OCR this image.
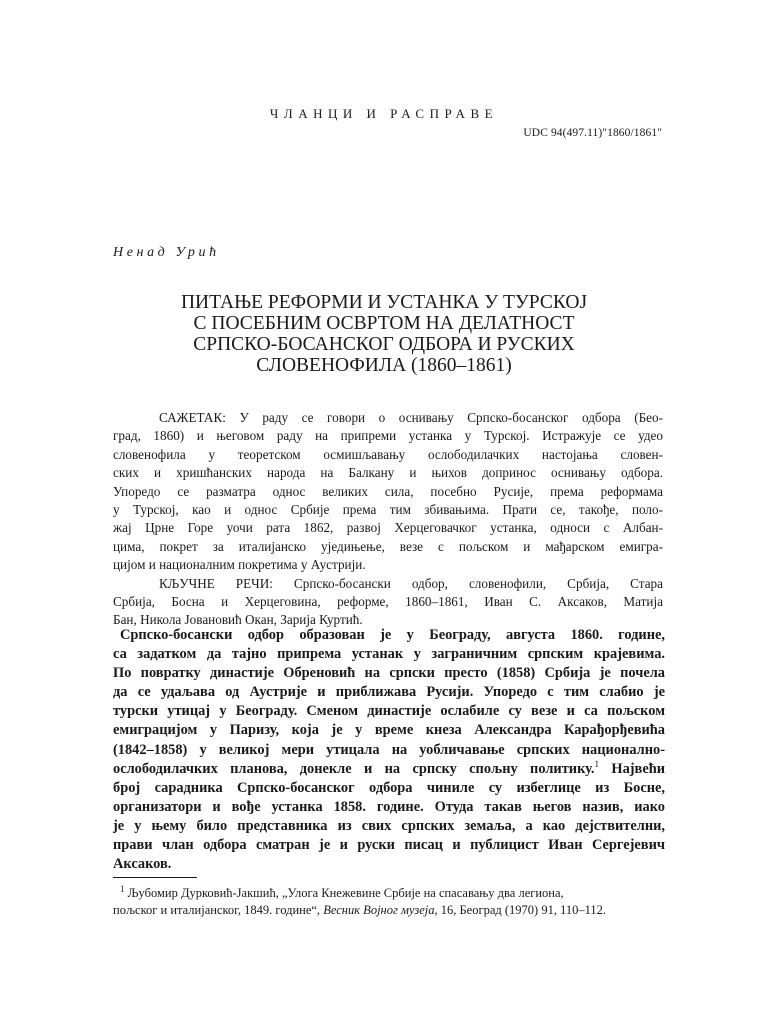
ЧЛАНЦИ И РАСПРАВЕ
UDC 94(497.11)"1860/1861"
Ненад Урић
ПИТАЊЕ РЕФОРМИ И УСТАНКА У ТУРСКОЈ
С ПОСЕБНИМ ОСВРТОМ НА ДЕЛАТНОСТ
СРПСКО-БОСАНСКОГ ОДБОРА И РУСКИХ
СЛОВЕНОФИЛА (1860–1861)
САЖЕТАК: У раду се говори о оснивању Српско-босанског одбора (Бео-
град, 1860) и његовом раду на припреми устанка у Турској. Истражује се удео
словенофила у теоретском осмишљавању ослободилачких настојања словен-
ских и хришћанских народа на Балкану и њихов допринос оснивању одбора.
Упоредо се разматра однос великих сила, посебно Русије, према реформама
у Турској, као и однос Србије према тим збивањима. Прати се, такође, поло-
жај Црне Горе уочи рата 1862, развој Херцеговачког устанка, односи с Албан-
цима, покрет за италијанско уједињење, везе с пољском и мађарском емигра-
цијом и националним покретима у Аустрији.
КЉУЧНЕ РЕЧИ: Српско-босански одбор, словенофили, Србија, Стара
Србија, Босна и Херцеговина, реформе, 1860–1861, Иван С. Аксаков, Матија
Бан, Никола Јовановић Окан, Зарија Куртић.
Српско-босански одбор образован је у Београду, августа 1860. године,
са задатком да тајно припрема устанак у заграничним српским крајевима.
По повратку династије Обреновић на српски престо (1858) Србија је почела
да се удаљава од Аустрије и приближава Русији. Упоредо с тим слабио је
турски утицај у Београду. Сменом династије ослабиле су везе и са пољском
емиграцијом у Паризу, која је у време кнеза Александра Карађорђевића
(1842–1858) у великој мери утицала на уобличавање српских национално-
ослободилачких планова, донекле и на српску спољну политику.$^1$ Највећи
број сарадника Српско-босанског одбора чиниле су избеглице из Босне,
организатори и вође устанка 1858. године. Отуда такав његов назив, иако
је у њему било представника из свих српских земаља, а као дејствителни,
прави члан одбора сматран је и руски писац и публицист Иван Сергејевич
Аксаков.
$^1$ Љубомир Дурковић-Јакшић, „Улога Кнежевине Србије на спасавању два легиона,
пољског и италијанског, 1849. године“, Весник Војног музеја, 16, Београд (1970) 91, 110–112.
